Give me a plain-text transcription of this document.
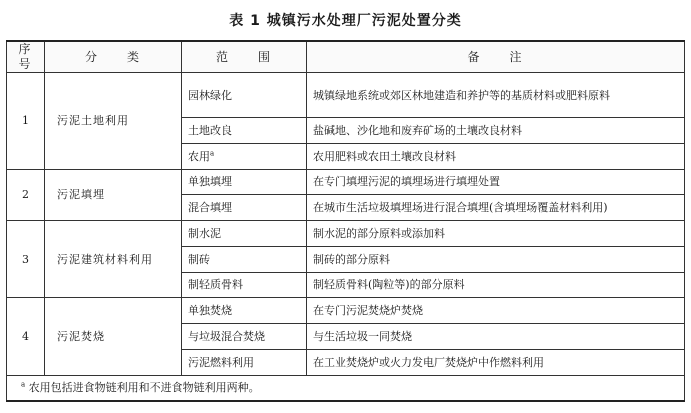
表 1 城镇污水处理厂污泥处置分类
序号	分　　类	范　　围	备　　注
1	污泥土地利用	园林绿化	城镇绿地系统或郊区林地建造和养护等的基质材料或肥料原料
		土地改良	盐碱地、沙化地和废弃矿场的土壤改良材料
		农用$^a$	农用肥料或农田土壤改良材料
2	污泥填埋	单独填埋	在专门填埋污泥的填埋场进行填埋处置
		混合填埋	在城市生活垃圾填埋场进行混合填埋(含填埋场覆盖材料利用)
3	污泥建筑材料利用	制水泥	制水泥的部分原料或添加料
		制砖	制砖的部分原料
		制轻质骨料	制轻质骨料(陶粒等)的部分原料
4	污泥焚烧	单独焚烧	在专门污泥焚烧炉焚烧
		与垃圾混合焚烧	与生活垃圾一同焚烧
		污泥燃料利用	在工业焚烧炉或火力发电厂焚烧炉中作燃料利用
$^a$ 农用包括进食物链利用和不进食物链利用两种。			
